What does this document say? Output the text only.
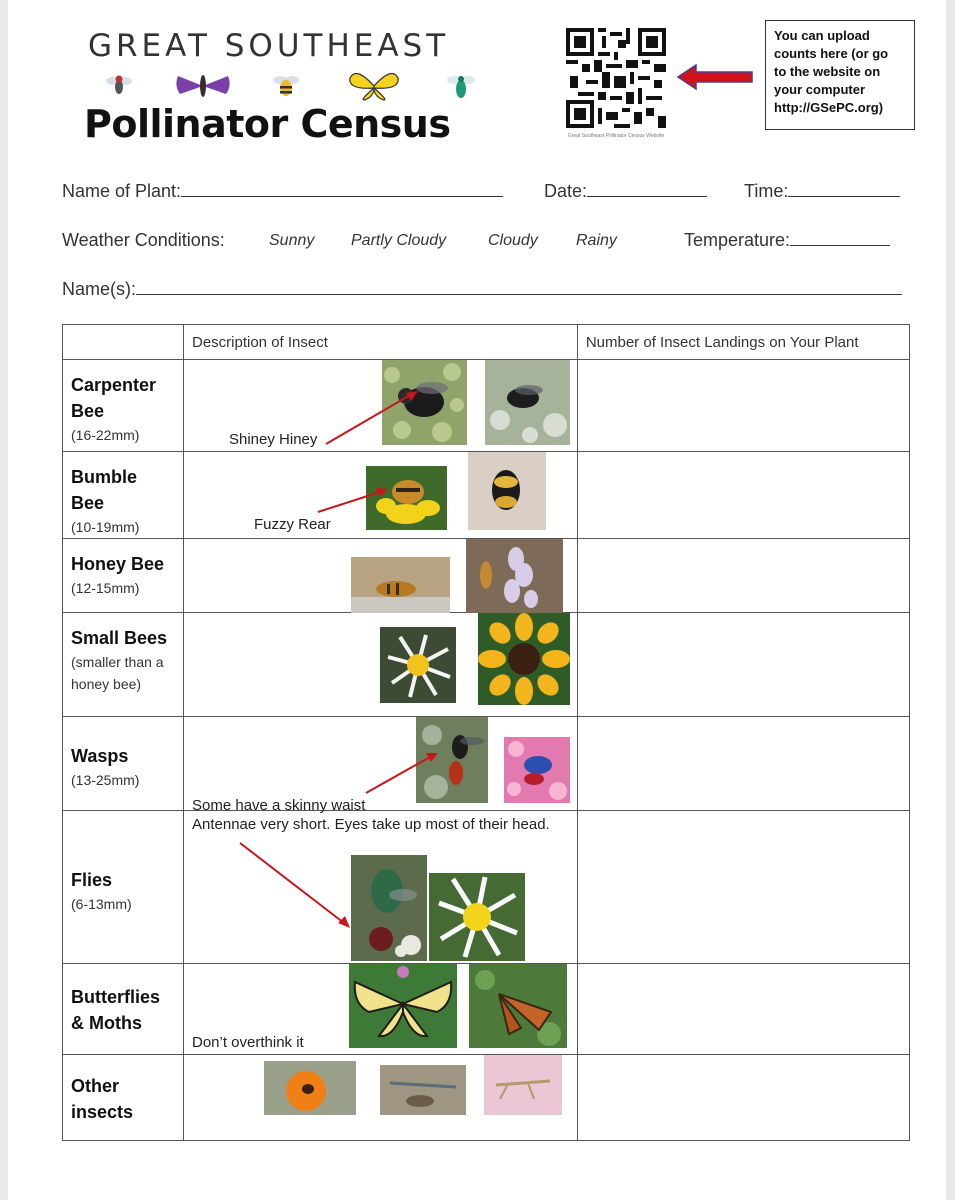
GREAT SOUTHEAST
Pollinator Census	Great Southeast Pollinator Census Website
You can upload
counts here (or go
to the website on
your computer
http://GSePC.org)
Name of Plant:	Date:	Time:
Weather Conditions:	Sunny Partly Cloudy	Cloudy Rainy	Temperature:
Name(s):
	Description of Insect	Number of Insect Landings on Your Plant

Carpenter Bee
(16-22mm)	Shiney Hiney	

Bumble Bee
(10-19mm)	Fuzzy Rear	

Honey Bee
(12-15mm)

Small Bees
(smaller than a honey bee)

Wasps
(13-25mm)	Some have a skinny waist	

Flies
(6-13mm)	Antennae very short. Eyes take up most of their head.	

Butterflies & Moths	Don’t overthink it	

Other insects
